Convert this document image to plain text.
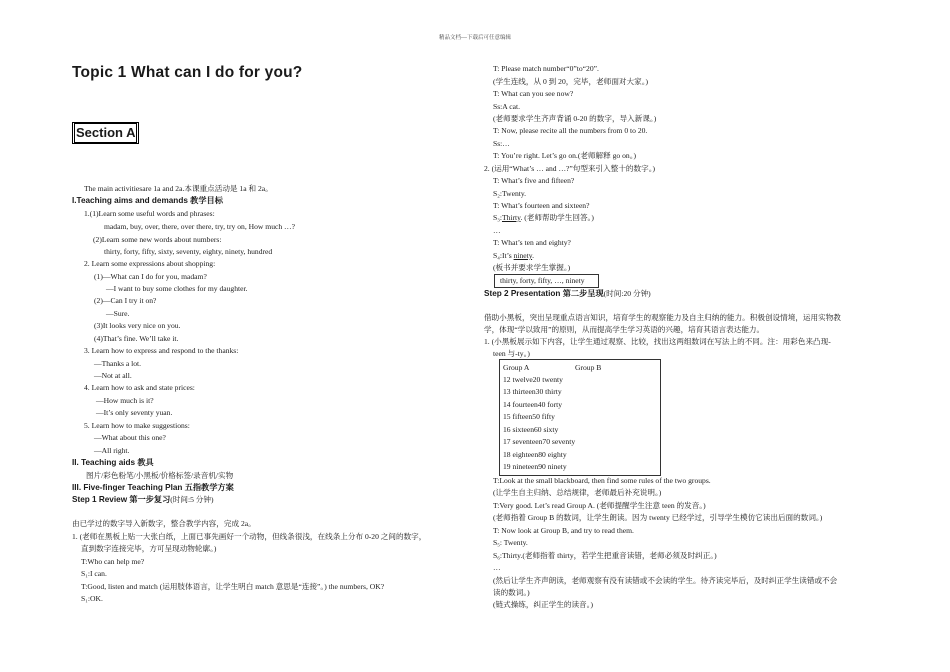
精品文档---下载后可任意编辑
Topic 1 What can I do for you?
Section A
The main activitiesare 1a and 2a.本课重点活动是 1a 和 2a。
I.Teaching aims and demands 教学目标
1.(1)Learn some useful words and phrases:
madam, buy, over, there, over there, try, try on, How much …?
(2)Learn some new words about numbers:
thirty, forty, fifty, sixty, seventy, eighty, ninety, hundred
2. Learn some expressions about shopping:
(1)—What can I do for you, madam?
—I want to buy some clothes for my daughter.
(2)—Can I try it on?
—Sure.
(3)It looks very nice on you.
(4)That’s fine. We’ll take it.
3. Learn how to express and respond to the thanks:
—Thanks a lot.
—Not at all.
4. Learn how to ask and state prices:
—How much is it?
—It’s only seventy yuan.
5. Learn how to make suggestions:
—What about this one?
—All right.
II. Teaching aids 教具
图片/彩色粉笔/小黑板/价格标签/录音机/实物
III. Five-finger Teaching Plan 五指教学方案
Step 1 Review 第一步复习(时间:5 分钟)
由已学过的数字导入新数字，整合教学内容，完成 2a。
1. (老师在黑板上贴一大张白纸，上面已事先画好一个动物，但线条很浅，在线条上分布 0-20 之间的数字，
直到数字连接完毕，方可呈现动物轮廓。)
T:Who can help me?
S₁:I can.
T:Good, listen and match (运用肢体语言，让学生明白 match 意思是“连接”。) the numbers, OK?
S₁:OK.
T: Please match number“0”to“20”.
(学生连线，从 0 到 20，完毕，老师面对大家。)
T: What can you see now?
Ss:A cat.
(老师要求学生齐声背诵 0-20 的数字，导入新课。)
T: Now, please recite all the numbers from 0 to 20.
Ss:…
T: You’re right. Let’s go on.(老师解释 go on。)
2. (运用“What’s … and …?”句型来引入整十的数字。)
T: What’s five and fifteen?
S₂:Twenty.
T: What’s fourteen and sixteen?
S₃:Thirty. (老师帮助学生回答。)
…
T: What’s ten and eighty?
S₄:It’s ninety.
(板书并要求学生掌握。)
thirty, forty, fifty, …, ninety
Step 2 Presentation 第二步呈现(时间:20 分钟)
借助小黑板，突出呈现重点语言知识，培育学生的观察能力及自主归纳的能力。积极创设情境，运用实物教
学，体现“学以致用”的原则，从而提高学生学习英语的兴趣，培育其语言表达能力。
1. (小黑板展示如下内容，让学生通过观察、比较，找出这两组数词在写法上的不同。注：用彩色来凸现-
teen 与-ty。)
Group A	Group B
12 twelve20 twenty
13 thirteen30 thirty
14 fourteen40 forty
15 fifteen50 fifty
16 sixteen60 sixty
17 seventeen70 seventy
18 eighteen80 eighty
19 nineteen90 ninety
T:Look at the small blackboard, then find some rules of the two groups.
(让学生自主归纳、总结规律，老师最后补充说明。)
T:Very good. Let’s read Group A. (老师提醒学生注意 teen 的发音。)
(老师指着 Group B 的数词，让学生朗读。因为 twenty 已经学过，引导学生模仿它读出后面的数词。)
T: Now look at Group B, and try to read them.
S₅: Twenty.
S₆:Thirty.(老师指着 thirty，若学生把重音读错，老师必须及时纠正。)
…
(然后让学生齐声朗读，老师观察有没有读错或不会读的学生。待齐读完毕后，及时纠正学生读错或不会
读的数词。)
(链式操练，纠正学生的读音。)
